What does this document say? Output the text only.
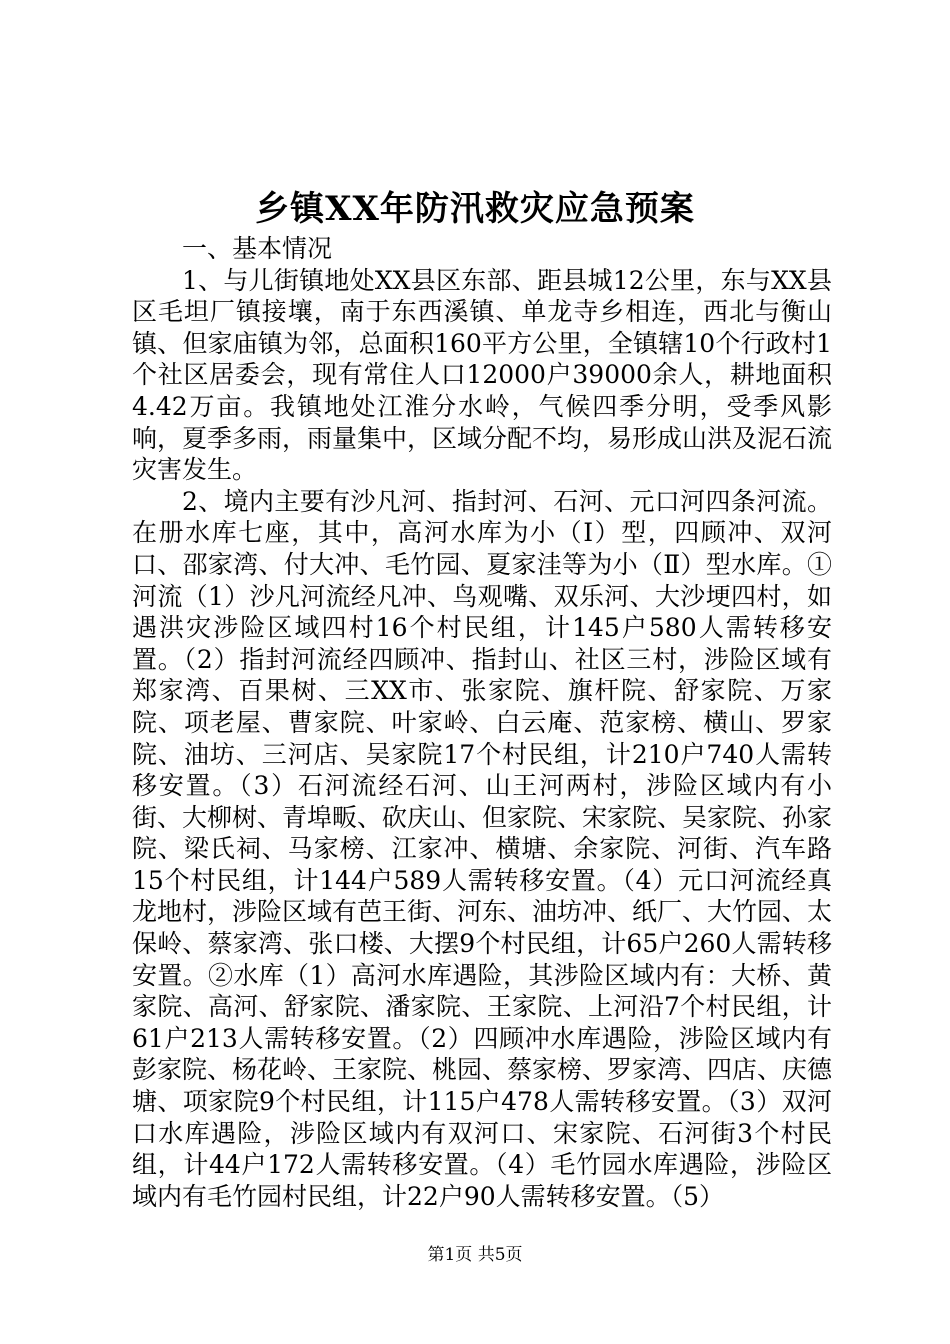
乡镇XX年防汛救灾应急预案

一、基本情况

1、与儿街镇地处XX县区东部、距县城12公里，东与XX县区毛坦厂镇接壤，南于东西溪镇、单龙寺乡相连，西北与衡山镇、但家庙镇为邻，总面积160平方公里，全镇辖10个行政村1个社区居委会，现有常住人口12000户39000余人，耕地面积4.42万亩。我镇地处江淮分水岭，气候四季分明，受季风影响，夏季多雨，雨量集中，区域分配不均，易形成山洪及泥石流灾害发生。

2、境内主要有沙凡河、指封河、石河、元口河四条河流。在册水库七座，其中，高河水库为小（Ⅰ）型，四顾冲、双河口、邵家湾、付大冲、毛竹园、夏家洼等为小（Ⅱ）型水库。①河流（1）沙凡河流经凡冲、鸟观嘴、双乐河、大沙埂四村，如遇洪灾涉险区域四村16个村民组，计145户580人需转移安置。（2）指封河流经四顾冲、指封山、社区三村，涉险区域有郑家湾、百果树、三XX市、张家院、旗杆院、舒家院、万家院、项老屋、曹家院、叶家岭、白云庵、范家榜、横山、罗家院、油坊、三河店、吴家院17个村民组，计210户740人需转移安置。（3）石河流经石河、山王河两村，涉险区域内有小街、大柳树、青埠畈、砍庆山、但家院、宋家院、吴家院、孙家院、梁氏祠、马家榜、江家冲、横塘、余家院、河街、汽车路15个村民组，计144户589人需转移安置。（4）元口河流经真龙地村，涉险区域有芭王街、河东、油坊冲、纸厂、大竹园、太保岭、蔡家湾、张口楼、大摆9个村民组，计65户260人需转移安置。②水库（1）高河水库遇险，其涉险区域内有：大桥、黄家院、高河、舒家院、潘家院、王家院、上河沿7个村民组，计61户213人需转移安置。（2）四顾冲水库遇险，涉险区域内有彭家院、杨花岭、王家院、桃园、蔡家榜、罗家湾、四店、庆德塘、项家院9个村民组，计115户478人需转移安置。（3）双河口水库遇险，涉险区域内有双河口、宋家院、石河街3个村民组，计44户172人需转移安置。（4）毛竹园水库遇险，涉险区域内有毛竹园村民组，计22户90人需转移安置。（5）

第1页 共5页
